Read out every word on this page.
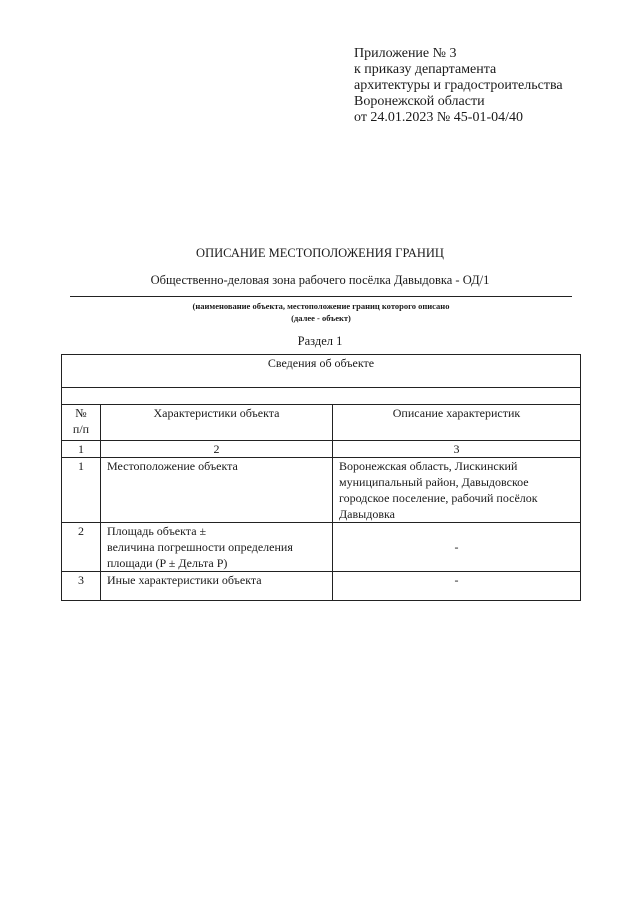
Приложение № 3
к приказу департамента
архитектуры и градостроительства
Воронежской области
от 24.01.2023 № 45-01-04/40
ОПИСАНИЕ МЕСТОПОЛОЖЕНИЯ ГРАНИЦ
Общественно-деловая зона рабочего посёлка Давыдовка - ОД/1
(наименование объекта, местоположение границ которого описано
(далее - объект)
Раздел 1
Сведения об объекте		

№
п/п	Характеристики объекта	Описание характеристик
1	2	3
1	Местоположение объекта	Воронежская область, Лискинский муниципальный район, Давыдовское городское поселение, рабочий посёлок Давыдовка
2	Площадь объекта ±
величина погрешности определения площади (P ± Дельта P)	-
3	Иные характеристики объекта	-
